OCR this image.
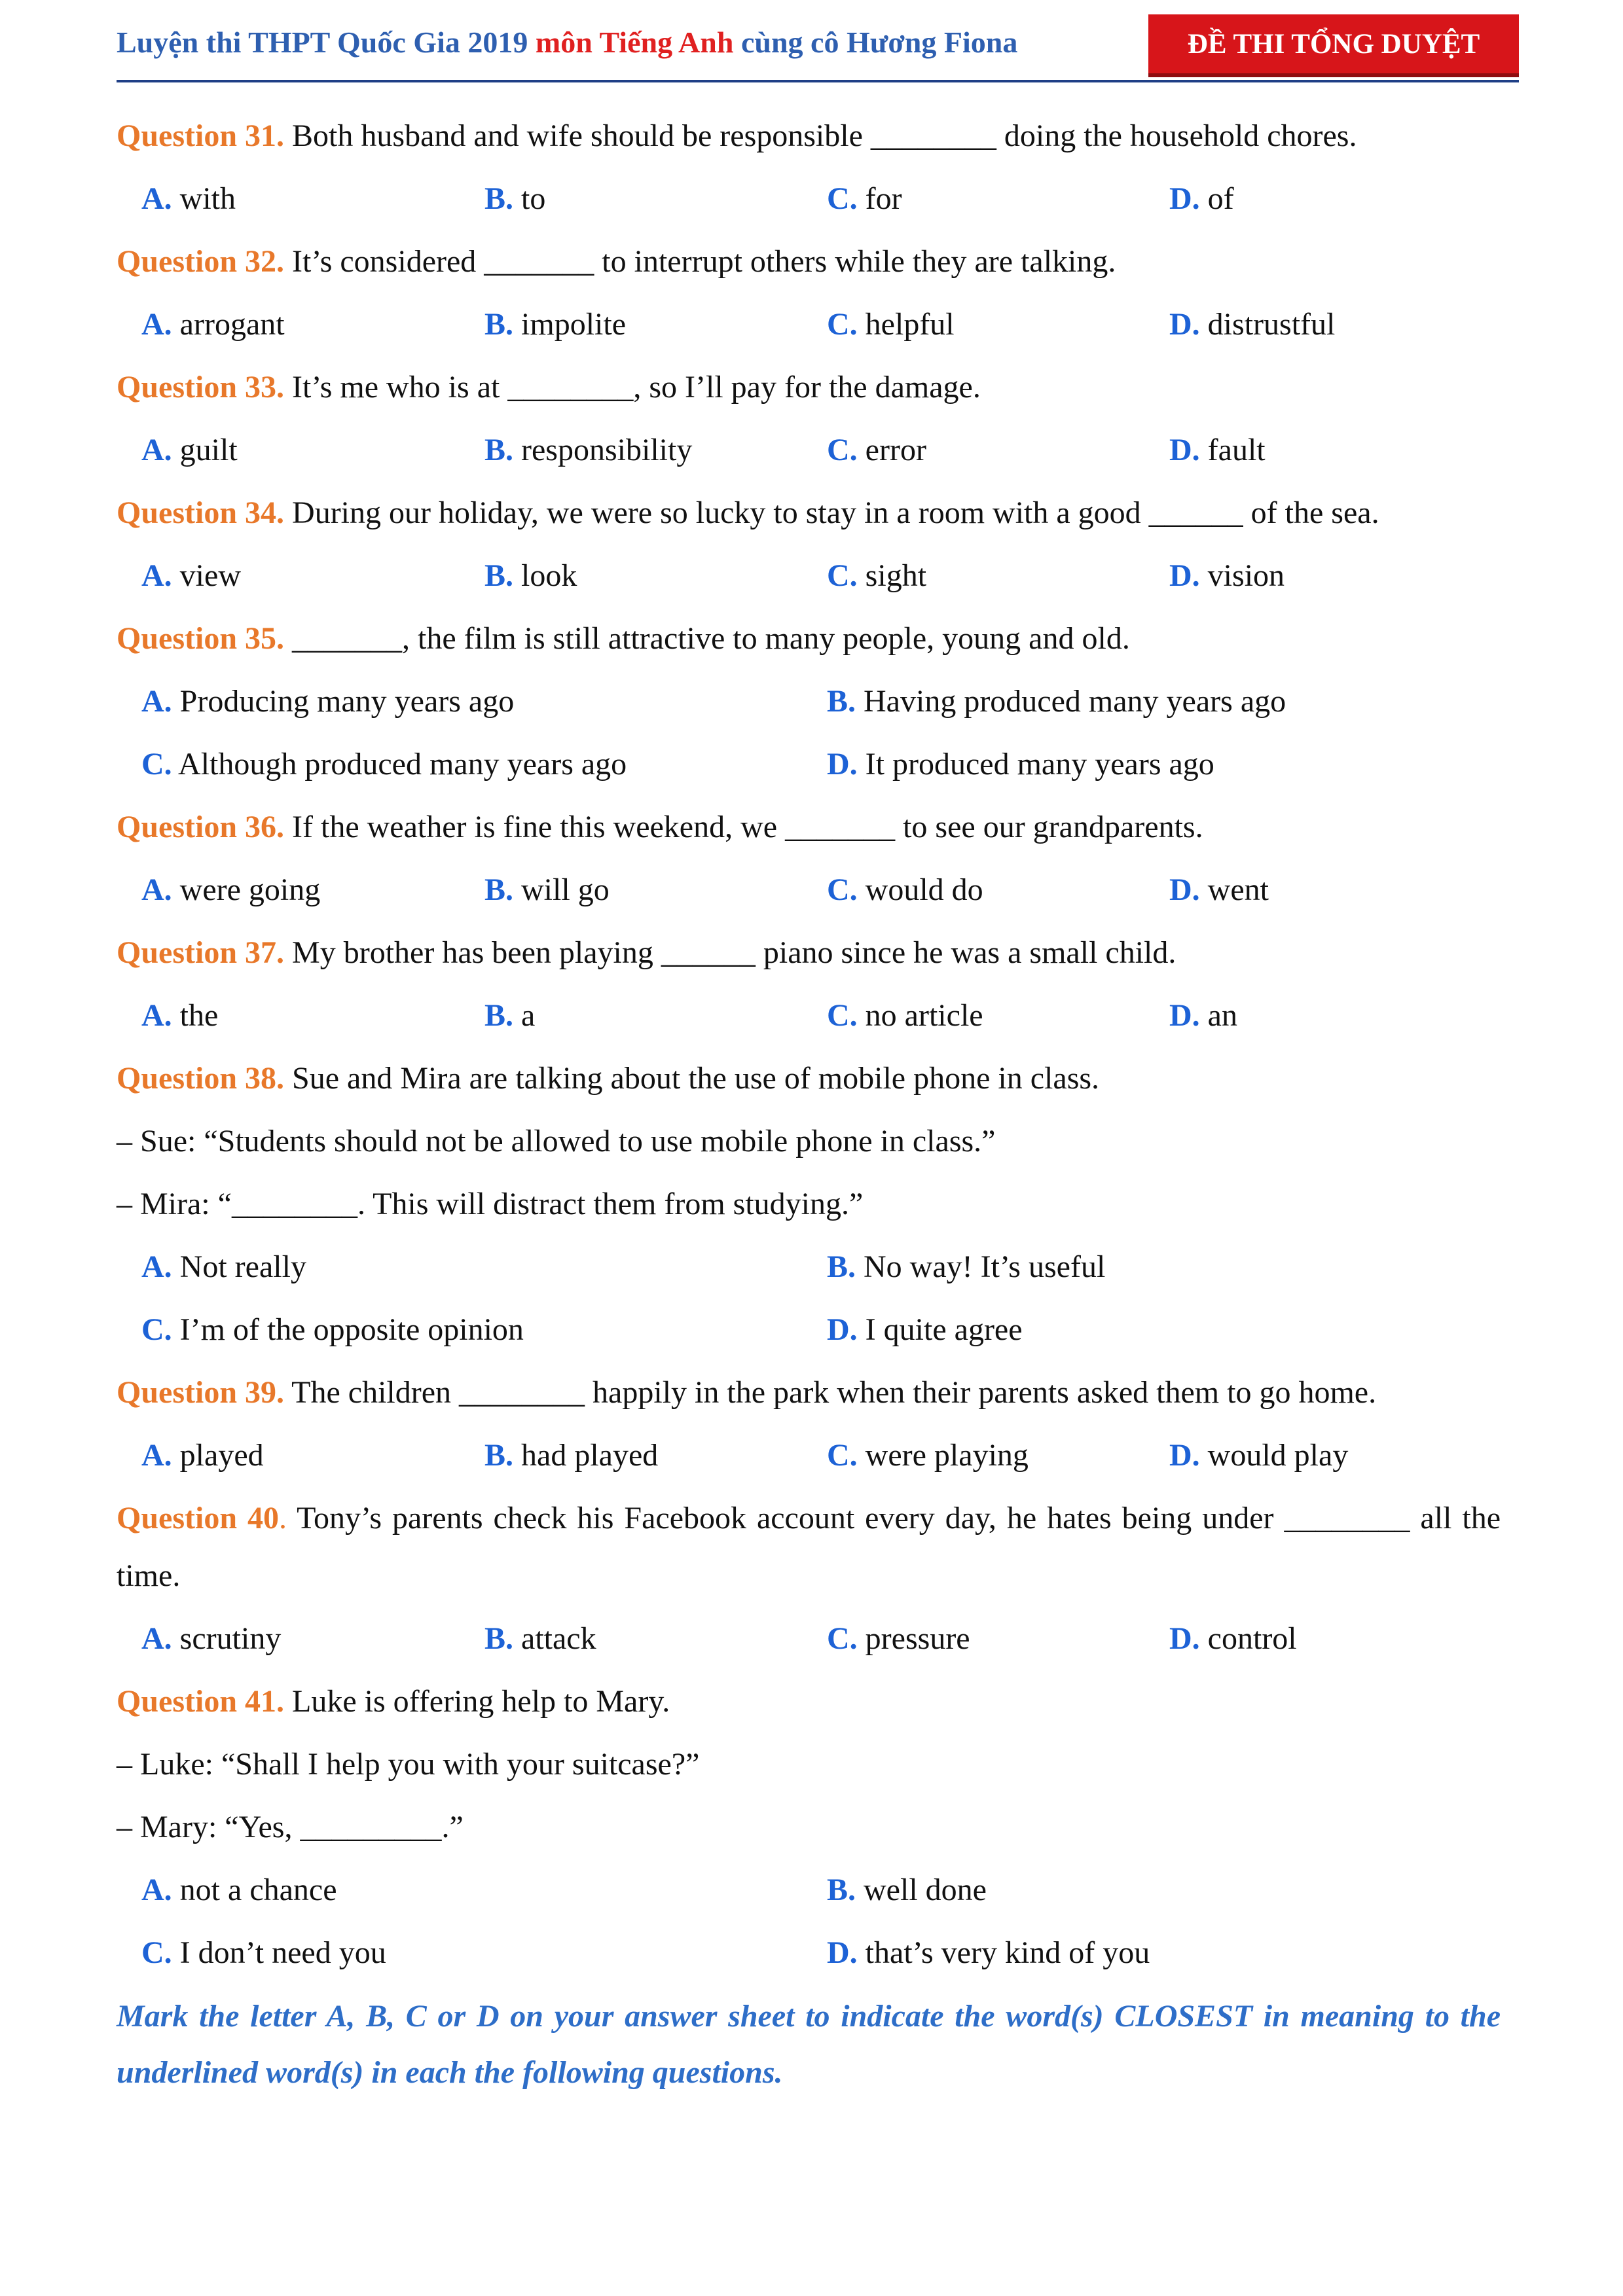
Luyện thi THPT Quốc Gia 2019 môn Tiếng Anh cùng cô Hương Fiona	ĐỀ THI TỔNG DUYỆT
Question 31. Both husband and wife should be responsible ________ doing the household chores.
A. with	B. to	C. for	D. of
Question 32. It’s considered _______ to interrupt others while they are talking.
A. arrogant	B. impolite	C. helpful	D. distrustful
Question 33. It’s me who is at ________, so I’ll pay for the damage.
A. guilt	B. responsibility	C. error	D. fault
Question 34. During our holiday, we were so lucky to stay in a room with a good ______ of the sea.
A. view	B. look	C. sight	D. vision
Question 35. _______, the film is still attractive to many people, young and old.
A. Producing many years ago	B. Having produced many years ago
C. Although produced many years ago	D. It produced many years ago
Question 36. If the weather is fine this weekend, we _______ to see our grandparents.
A. were going	B. will go	C. would do	D. went
Question 37. My brother has been playing ______ piano since he was a small child.
A. the	B. a	C. no article	D. an
Question 38. Sue and Mira are talking about the use of mobile phone in class.
– Sue: “Students should not be allowed to use mobile phone in class.”
– Mira: “________. This will distract them from studying.”
A. Not really	B. No way! It’s useful
C. I’m of the opposite opinion	D. I quite agree
Question 39. The children ________ happily in the park when their parents asked them to go home.
A. played	B. had played	C. were playing	D. would play
Question 40. Tony’s parents check his Facebook account every day, he hates being under ________ all the time.
A. scrutiny	B. attack	C. pressure	D. control
Question 41. Luke is offering help to Mary.
– Luke: “Shall I help you with your suitcase?”
– Mary: “Yes, _________.”
A. not a chance	B. well done
C. I don’t need you	D. that’s very kind of you
Mark the letter A, B, C or D on your answer sheet to indicate the word(s) CLOSEST in meaning to the underlined word(s) in each the following questions.
